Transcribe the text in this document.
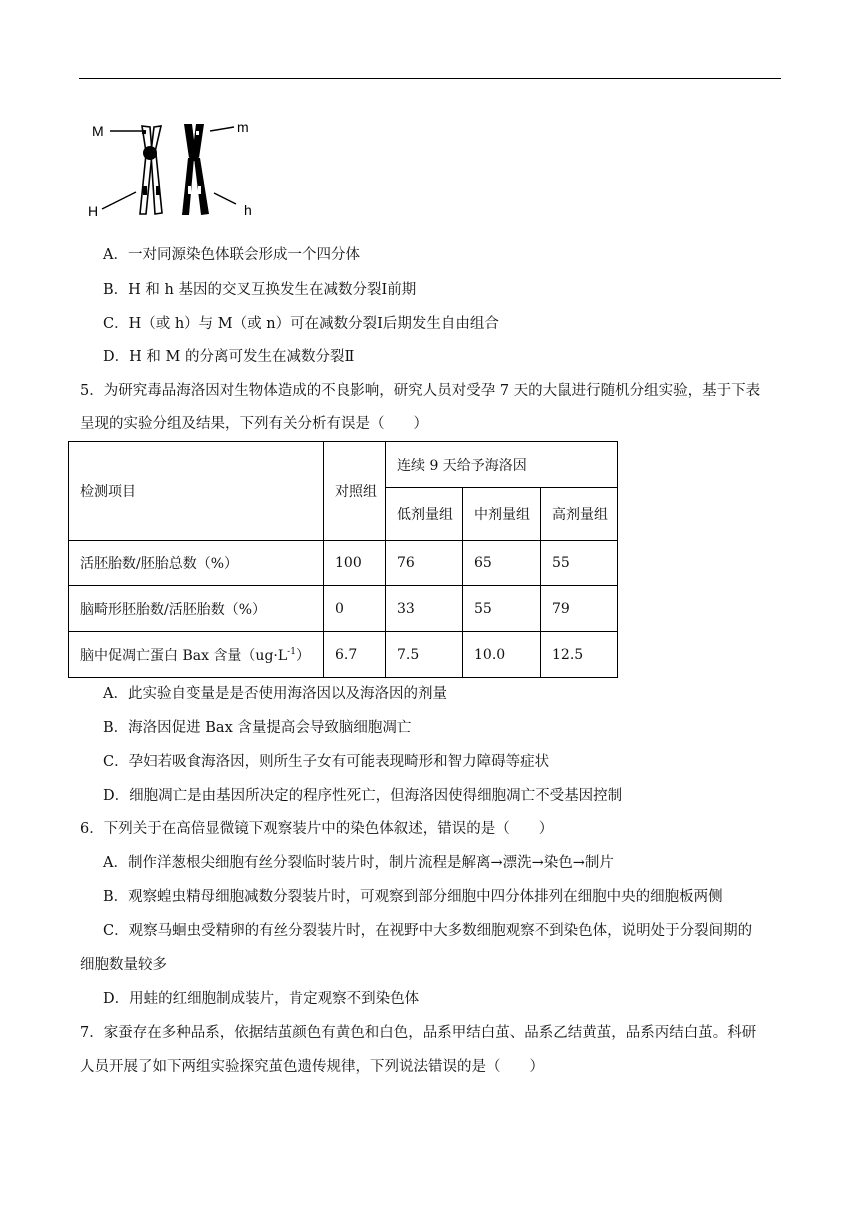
M	m
H	h
A．一对同源染色体联会形成一个四分体
B．H 和 h 基因的交叉互换发生在减数分裂Ⅰ前期
C．H（或 h）与 M（或 n）可在减数分裂Ⅰ后期发生自由组合
D．H 和 M 的分离可发生在减数分裂Ⅱ
5．为研究毒品海洛因对生物体造成的不良影响，研究人员对受孕 7 天的大鼠进行随机分组实验，基于下表
呈现的实验分组及结果，下列有关分析有误是（　　）
检测项目	对照组	连续 9 天给予海洛因		
		低剂量组	中剂量组	高剂量组
活胚胎数/胚胎总数（%）	100	76	65	55
脑畸形胚胎数/活胚胎数（%）	0	33	55	79
脑中促凋亡蛋白 Bax 含量$(ug\cdot L^{-1})$	6.7	7.5	10.0	12.5
A．此实验自变量是是否使用海洛因以及海洛因的剂量
B．海洛因促进 Bax 含量提高会导致脑细胞凋亡
C．孕妇若吸食海洛因，则所生子女有可能表现畸形和智力障碍等症状
D．细胞凋亡是由基因所决定的程序性死亡，但海洛因使得细胞凋亡不受基因控制
6．下列关于在高倍显微镜下观察装片中的染色体叙述，错误的是（　　）
A．制作洋葱根尖细胞有丝分裂临时装片时，制片流程是解离→漂洗→染色→制片
B．观察蝗虫精母细胞减数分裂装片时，可观察到部分细胞中四分体排列在细胞中央的细胞板两侧
C．观察马蛔虫受精卵的有丝分裂装片时，在视野中大多数细胞观察不到染色体，说明处于分裂间期的
细胞数量较多
D．用蛙的红细胞制成装片，肯定观察不到染色体
7．家蚕存在多种品系，依据结茧颜色有黄色和白色，品系甲结白茧、品系乙结黄茧，品系丙结白茧。科研
人员开展了如下两组实验探究茧色遗传规律，下列说法错误的是（　　）
